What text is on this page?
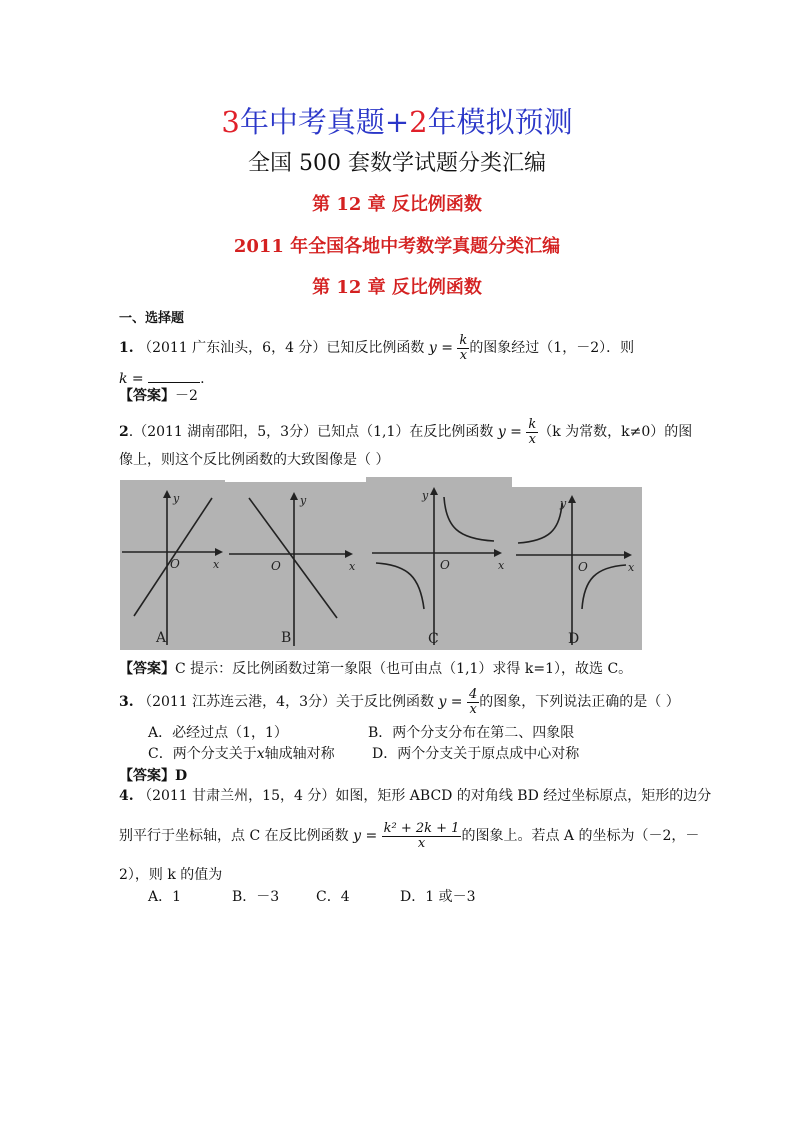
3年中考真题+2年模拟预测
全国 500 套数学试题分类汇编
第 12 章 反比例函数
2011 年全国各地中考数学真题分类汇编
第 12 章 反比例函数
一、选择题
1. （2011 广东汕头，6，4 分）已知反比例函数 $y = \frac{k}{x}$ 的图象经过（1，－2）．则
k =	.
【答案】－2
2.（2011 湖南邵阳，5，3分）已知点（1,1）在反比例函数 $y = \frac{k}{x} (k$ 为常数，k≠0）的图
像上，则这个反比例函数的大致图像是（ ）
y
O	x
A
y
O	x
B
y
O	x
C
y
O	x
D
【答案】C 提示：反比例函数过第一象限（也可由点（1,1）求得 k=1），故选 C。
3. （2011 江苏连云港，4，3分）关于反比例函数 $y = \frac{4}{x}$ 的图象，下列说法正确的是（ ）
A．必经过点（1，1）	B．两个分支分布在第二、四象限
C．两个分支关于x轴成轴对称	D．两个分支关于原点成中心对称
【答案】D
4. （2011 甘肃兰州，15，4 分）如图，矩形 ABCD 的对角线 BD 经过坐标原点，矩形的边分
别平行于坐标轴，点 C 在反比例函数 $y = \frac{\text{k² + 2k + 1}}{x}$ 的图象上。若点 A 的坐标为（－2，－
2），则 k 的值为
A．1	B．－3	C．4	D．1 或－3
